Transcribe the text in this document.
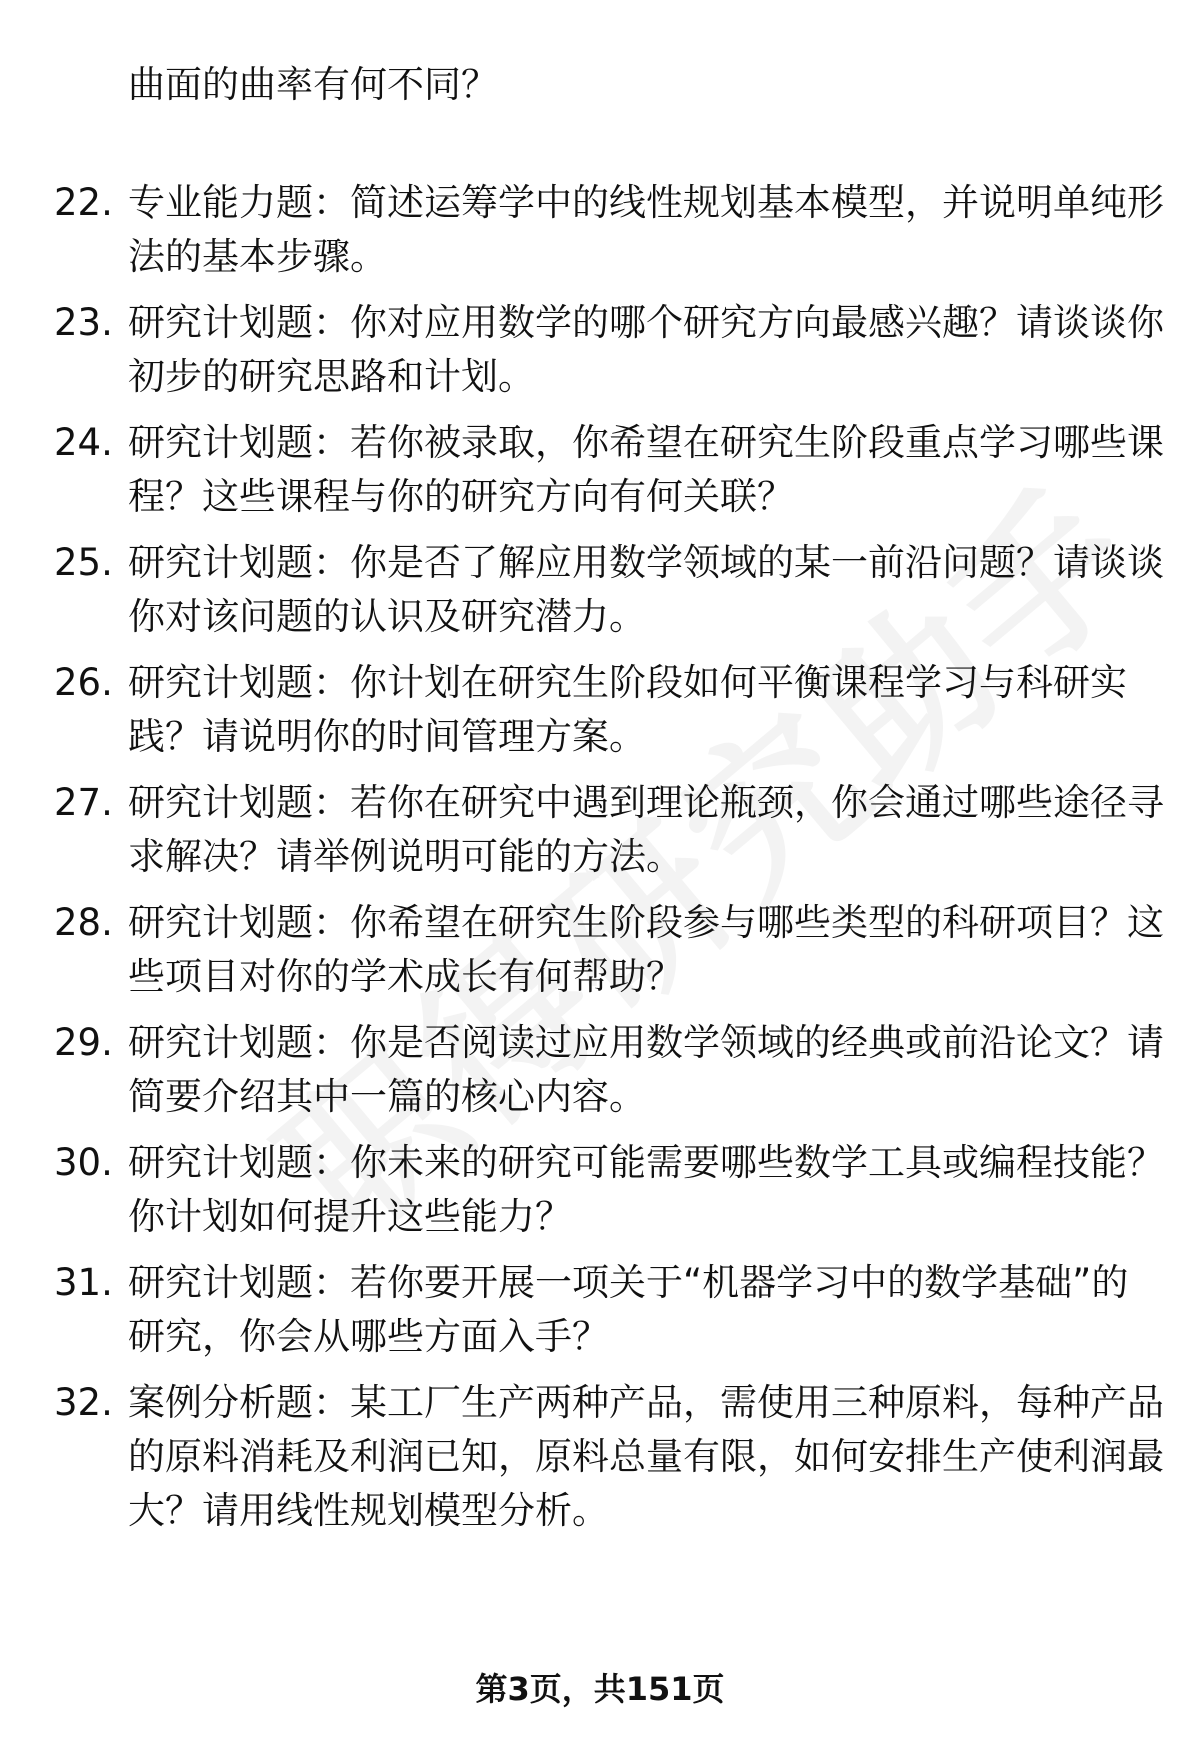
曲面的曲率有何不同？
22. 专业能力题：简述运筹学中的线性规划基本模型，并说明单纯形
法的基本步骤。
23. 研究计划题：你对应用数学的哪个研究方向最感兴趣？请谈谈你
初步的研究思路和计划。
24. 研究计划题：若你被录取，你希望在研究生阶段重点学习哪些课
程？这些课程与你的研究方向有何关联？
25. 研究计划题：你是否了解应用数学领域的某一前沿问题？请谈谈
你对该问题的认识及研究潜力。
26. 研究计划题：你计划在研究生阶段如何平衡课程学习与科研实
践？请说明你的时间管理方案。
27. 研究计划题：若你在研究中遇到理论瓶颈，你会通过哪些途径寻
求解决？请举例说明可能的方法。
28. 研究计划题：你希望在研究生阶段参与哪些类型的科研项目？这
些项目对你的学术成长有何帮助？
29. 研究计划题：你是否阅读过应用数学领域的经典或前沿论文？请
简要介绍其中一篇的核心内容。
30. 研究计划题：你未来的研究可能需要哪些数学工具或编程技能？
你计划如何提升这些能力？
31. 研究计划题：若你要开展一项关于“机器学习中的数学基础”的
研究，你会从哪些方面入手？
32. 案例分析题：某工厂生产两种产品，需使用三种原料，每种产品
的原料消耗及利润已知，原料总量有限，如何安排生产使利润最
大？请用线性规划模型分析。
第3页，共151页
